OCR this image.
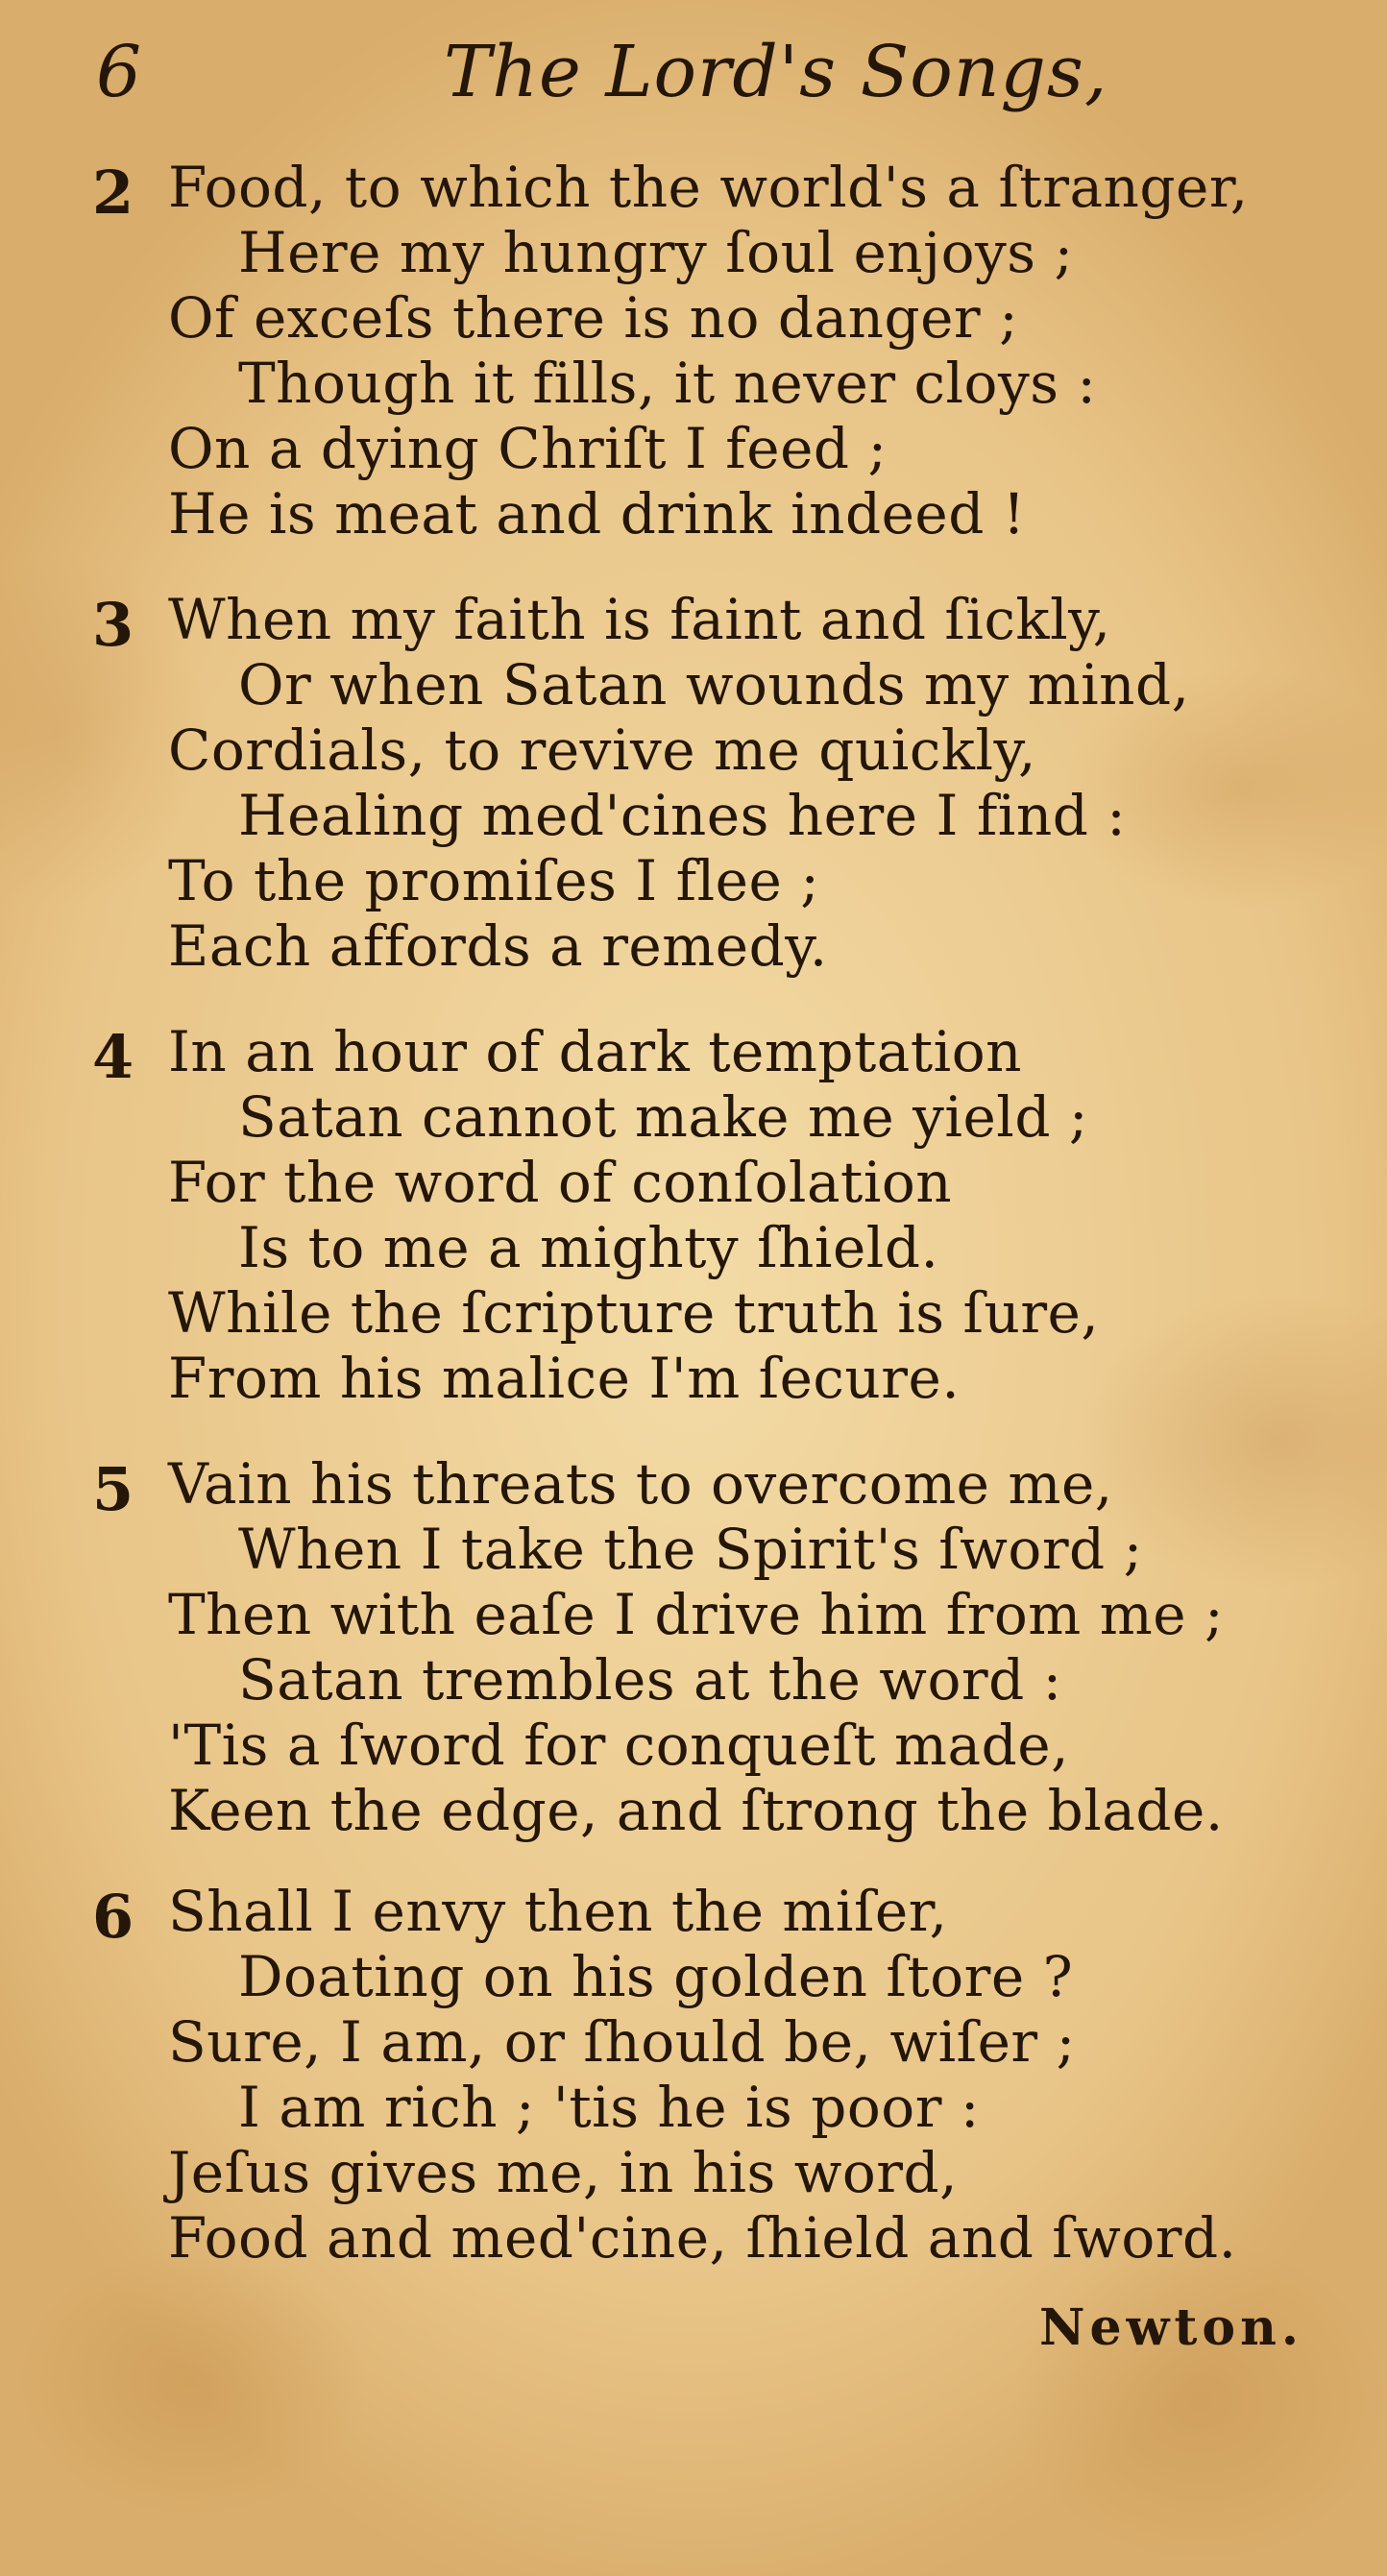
6	The Lord's Songs,
2 Food, to which the world's a ſtranger,
Here my hungry ſoul enjoys ;
Of exceſs there is no danger ;
Though it fills, it never cloys :
On a dying Chriſt I feed ;
He is meat and drink indeed !
3 When my faith is faint and ſickly,
Or when Satan wounds my mind,
Cordials, to revive me quickly,
Healing med'cines here I find :
To the promiſes I flee ;
Each affords a remedy.
4 In an hour of dark temptation
Satan cannot make me yield ;
For the word of conſolation
Is to me a mighty ſhield.
While the ſcripture truth is ſure,
From his malice I'm ſecure.
5 Vain his threats to overcome me,
When I take the Spirit's ſword ;
Then with eaſe I drive him from me ;
Satan trembles at the word :
'Tis a ſword for conqueſt made,
Keen the edge, and ſtrong the blade.
6 Shall I envy then the miſer,
Doating on his golden ſtore ?
Sure, I am, or ſhould be, wiſer ;
I am rich ; 'tis he is poor :
Jeſus gives me, in his word,
Food and med'cine, ſhield and ſword.
Newton.
